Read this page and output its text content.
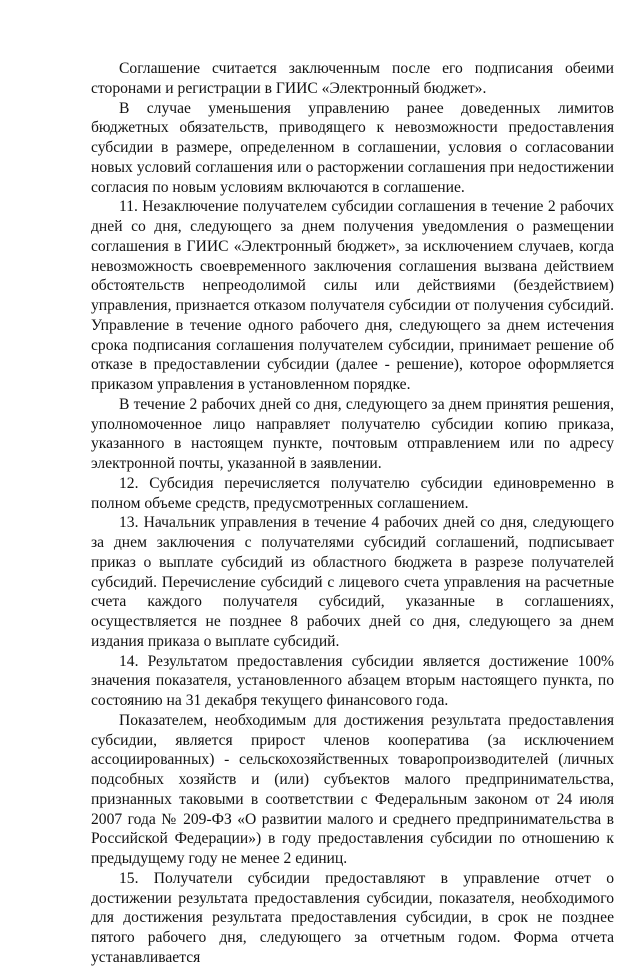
Соглашение считается заключенным после его подписания обеими сторонами и регистрации в ГИИС «Электронный бюджет».

В случае уменьшения управлению ранее доведенных лимитов бюджетных обязательств, приводящего к невозможности предоставления субсидии в размере, определенном в соглашении, условия о согласовании новых условий соглашения или о расторжении соглашения при недостижении согласия по новым условиям включаются в соглашение.

11. Незаключение получателем субсидии соглашения в течение 2 рабочих дней со дня, следующего за днем получения уведомления о размещении соглашения в ГИИС «Электронный бюджет», за исключением случаев, когда невозможность своевременного заключения соглашения вызвана действием обстоятельств непреодолимой силы или действиями (бездействием) управления, признается отказом получателя субсидии от получения субсидий. Управление в течение одного рабочего дня, следующего за днем истечения срока подписания соглашения получателем субсидии, принимает решение об отказе в предоставлении субсидии (далее - решение), которое оформляется приказом управления в установленном порядке.

В течение 2 рабочих дней со дня, следующего за днем принятия решения, уполномоченное лицо направляет получателю субсидии копию приказа, указанного в настоящем пункте, почтовым отправлением или по адресу электронной почты, указанной в заявлении.

12. Субсидия перечисляется получателю субсидии единовременно в полном объеме средств, предусмотренных соглашением.

13. Начальник управления в течение 4 рабочих дней со дня, следующего за днем заключения с получателями субсидий соглашений, подписывает приказ о выплате субсидий из областного бюджета в разрезе получателей субсидий. Перечисление субсидий с лицевого счета управления на расчетные счета каждого получателя субсидий, указанные в соглашениях, осуществляется не позднее 8 рабочих дней со дня, следующего за днем издания приказа о выплате субсидий.

14. Результатом предоставления субсидии является достижение 100% значения показателя, установленного абзацем вторым настоящего пункта, по состоянию на 31 декабря текущего финансового года.

Показателем, необходимым для достижения результата предоставления субсидии, является прирост членов кооператива (за исключением ассоциированных) - сельскохозяйственных товаропроизводителей (личных подсобных хозяйств и (или) субъектов малого предпринимательства, признанных таковыми в соответствии с Федеральным законом от 24 июля 2007 года № 209-ФЗ «О развитии малого и среднего предпринимательства в Российской Федерации») в году предоставления субсидии по отношению к предыдущему году не менее 2 единиц.

15. Получатели субсидии предоставляют в управление отчет о достижении результата предоставления субсидии, показателя, необходимого для достижения результата предоставления субсидии, в срок не позднее пятого рабочего дня, следующего за отчетным годом. Форма отчета устанавливается
